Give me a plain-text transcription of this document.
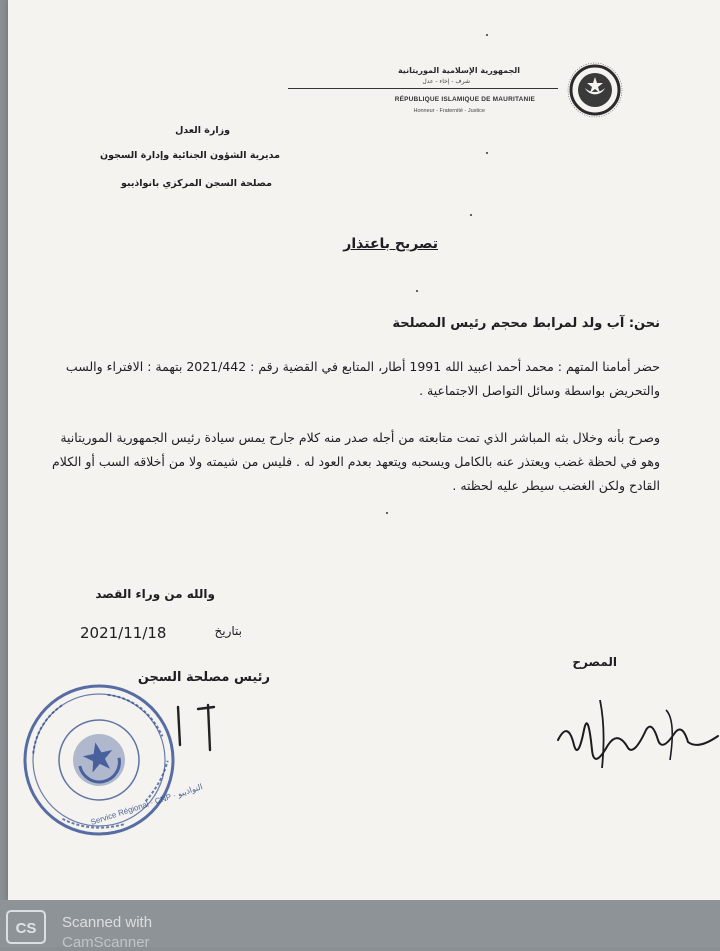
الجمهورية الإسلامية الموريتانية
شرف - إخاء - عدل
RÉPUBLIQUE ISLAMIQUE DE MAURITANIE
Honneur - Fraternité - Justice
وزارة العدل
مديرية الشؤون الجنائية وإدارة السجون
مصلحة السجن المركزي بانواذيبو
تصريح باعتذار
نحن: آب ولد لمرابط محجم رئيس المصلحة
حضر أمامنا المتهم : محمد أحمد اعبيد الله 1991 أطار، المتابع في القضية رقم : 2021/442 بتهمة : الافتراء والسب والتحريض بواسطة وسائل التواصل الاجتماعية .
وصرح بأنه وخلال بثه المباشر الذي تمت متابعته من أجله صدر منه كلام جارح يمس سيادة رئيس الجمهورية الموريتانية وهو في لحظة غضب ويعتذر عنه بالكامل ويسحبه ويتعهد بعدم العود له . فليس من شيمته ولا من أخلاقه السب أو الكلام القادح ولكن الغضب سيطر عليه لحظته .
والله من وراء القصد
بتاريخ
2021/11/18
رئيس مصلحة السجن
المصرح
Service Régional · CNP · النواذيبو
CS Scanned with
CamScanner
